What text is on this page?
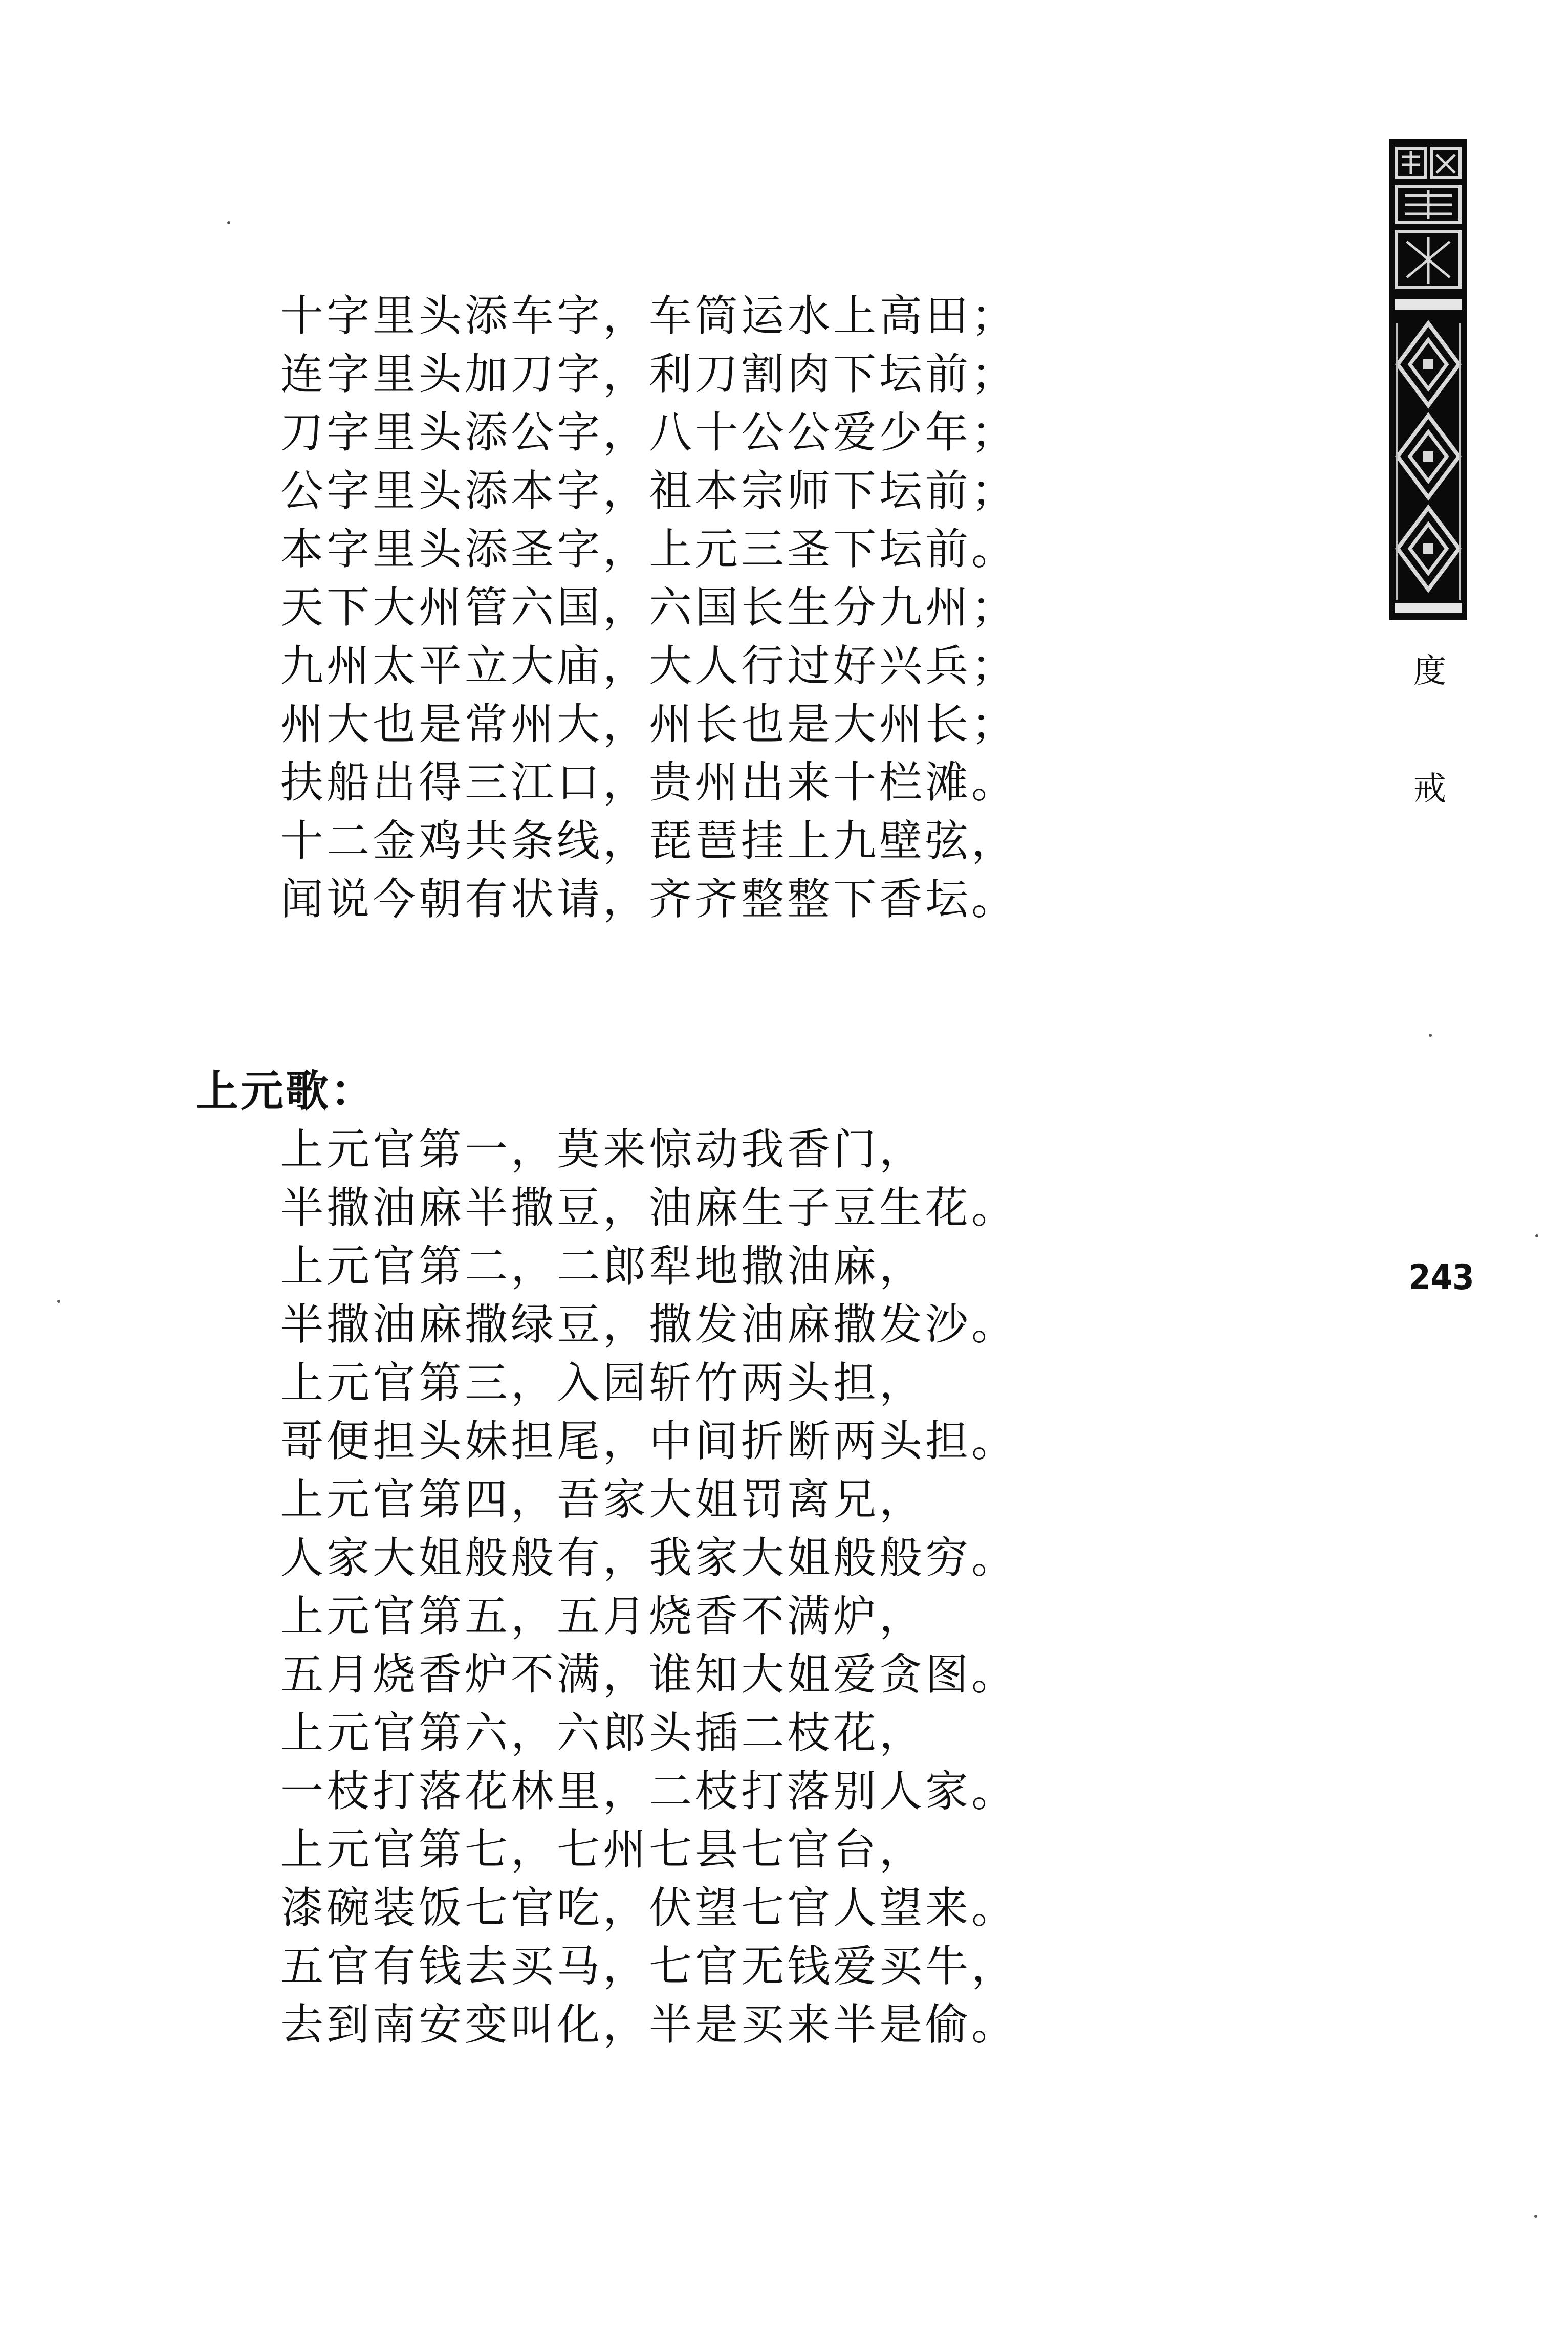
十字里头添车字，车筒运水上高田；
连字里头加刀字，利刀割肉下坛前；
刀字里头添公字，八十公公爱少年；
公字里头添本字，祖本宗师下坛前；
本字里头添圣字，上元三圣下坛前。
天下大州管六国，六国长生分九州；
九州太平立大庙，大人行过好兴兵；
州大也是常州大，州长也是大州长；
扶船出得三江口，贵州出来十栏滩。
十二金鸡共条线，琵琶挂上九壁弦，
闻说今朝有状请，齐齐整整下香坛。
上元歌：
上元官第一，莫来惊动我香门，
半撒油麻半撒豆，油麻生子豆生花。
上元官第二，二郎犁地撒油麻，
半撒油麻撒绿豆，撒发油麻撒发沙。
上元官第三，入园斩竹两头担，
哥便担头妹担尾，中间折断两头担。
上元官第四，吾家大姐罚离兄，
人家大姐般般有，我家大姐般般穷。
上元官第五，五月烧香不满炉，
五月烧香炉不满，谁知大姐爱贪图。
上元官第六，六郎头插二枝花，
一枝打落花林里，二枝打落别人家。
上元官第七，七州七县七官台，
漆碗装饭七官吃，伏望七官人望来。
五官有钱去买马，七官无钱爱买牛，
去到南安变叫化，半是买来半是偷。
度
戒
243
